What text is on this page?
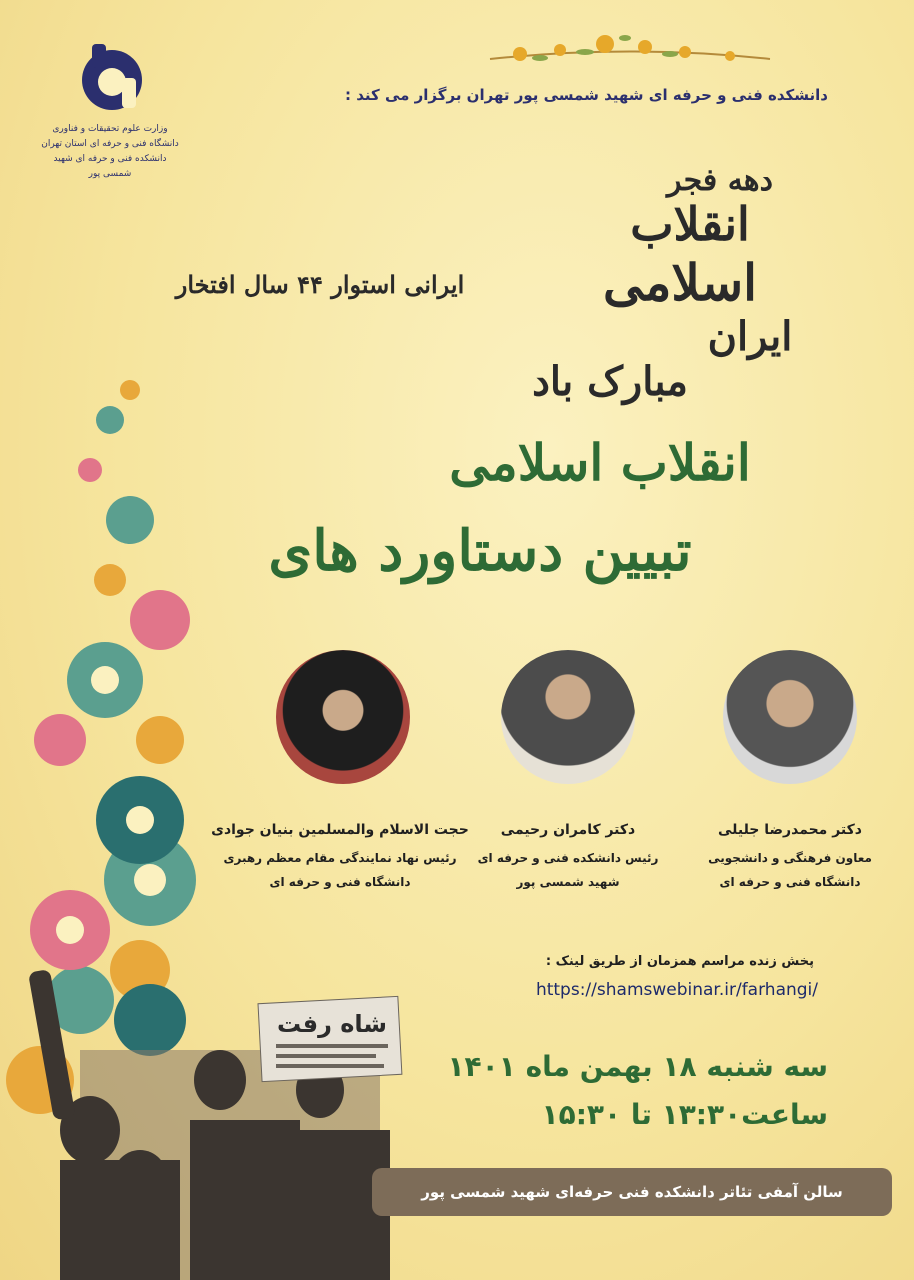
وزارت علوم تحقیقات و فناوری
دانشگاه فنی و حرفه ای استان تهران
دانشکده فنی و حرفه ای شهید شمسی پور
دانشکده فنی و حرفه ای شهید شمسی پور تهران برگزار می کند :
دهه فجر
انقلاب
اسلامی
ایران
مبارک باد
ایرانی استوار ۴۴ سال افتخار
انقلاب اسلامی
تبیین دستاورد های
دکتر محمدرضا جلیلی
معاون فرهنگی و دانشجویی
دانشگاه فنی و حرفه ای
دکتر کامران رحیمی
رئیس دانشکده فنی و حرفه ای
شهید شمسی پور
حجت الاسلام والمسلمین بنیان جوادی
رئیس نهاد نمایندگی مقام معظم رهبری
دانشگاه فنی و حرفه ای
پخش زنده مراسم همزمان از طریق لینک :
https://shamswebinar.ir/farhangi/
سه شنبه ۱۸ بهمن ماه ۱۴۰۱
ساعت۱۳:۳۰ تا ۱۵:۳۰
شاه رفت
سالن آمفی تئاتر دانشکده فنی حرفه‌ای شهید شمسی پور
